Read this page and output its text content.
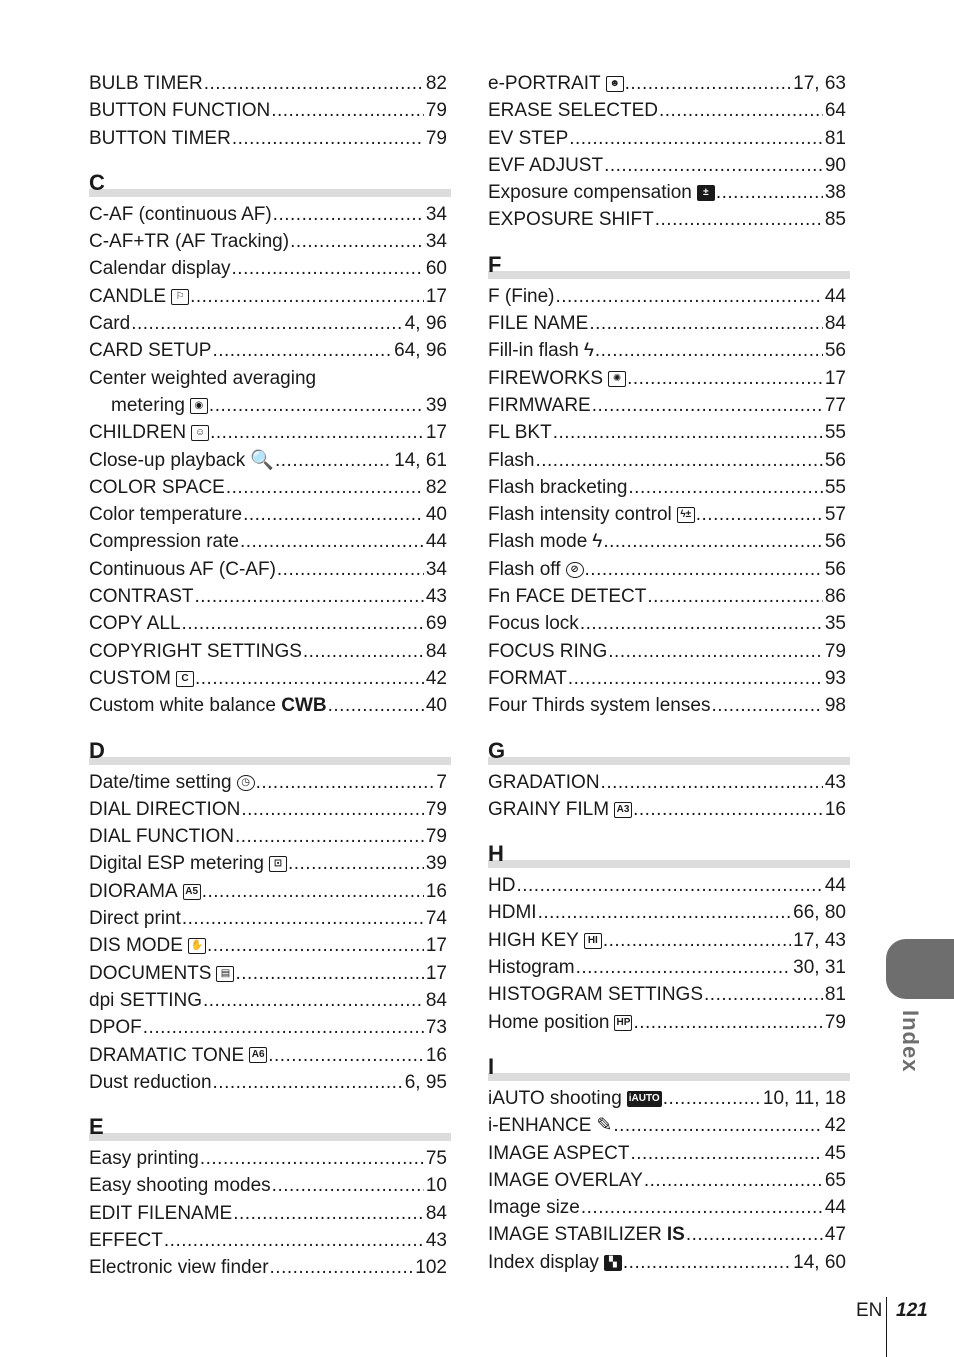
BULB TIMER .....	82
BUTTON FUNCTION .....	79
BUTTON TIMER .....	79
C
C-AF (continuous AF) .....	34
C-AF+TR (AF Tracking) .....	34
Calendar display .....	60
CANDLE ⚐ .....	17
Card .....	4, 96
CARD SETUP .....	64, 96
Center weighted averaging
metering ◉ .....	39
CHILDREN ☺ .....	17
Close-up playback 🔍 .....	14, 61
COLOR SPACE .....	82
Color temperature .....	40
Compression rate .....	44
Continuous AF (C-AF) .....	34
CONTRAST .....	43
COPY ALL .....	69
COPYRIGHT SETTINGS .....	84
CUSTOM	C .....	42
Custom white balance CWB .....	40
D
Date/time setting ◷ .....	7
DIAL DIRECTION .....	79
DIAL FUNCTION .....	79
Digital ESP metering ⊡ .....	39
DIORAMA A5 .....	16
Direct print .....	74
DIS MODE ✋ .....	17
DOCUMENTS ▤ .....	17
dpi SETTING .....	84
DPOF .....	73
DRAMATIC TONE A6 .....	16
Dust reduction .....	6, 95
E
Easy printing .....	75
Easy shooting modes .....	10
EDIT FILENAME .....	84
EFFECT .....	43
Electronic view finder .....	102
e-PORTRAIT ☻ .....	17, 63
ERASE SELECTED .....	64
EV STEP .....	81
EVF ADJUST .....	90
Exposure compensation	± .....	38
EXPOSURE SHIFT .....	85
F
F (Fine) .....	44
FILE NAME .....	84
Fill-in flash ϟ .....	56
FIREWORKS ✺ .....	17
FIRMWARE .....	77
FL BKT .....	55
Flash .....	56
Flash bracketing .....	55
Flash intensity control ϟ± .....	57
Flash mode ϟ .....	56
Flash off ⊘ .....	56
Fn FACE DETECT .....	86
Focus lock .....	35
FOCUS RING .....	79
FORMAT .....	93
Four Thirds system lenses .....	98
G
GRADATION .....	43
GRAINY FILM A3 .....	16
H
HD .....	44
HDMI .....	66, 80
HIGH KEY HI .....	17, 43
Histogram .....	30, 31
HISTOGRAM SETTINGS .....	81
Home position HP .....	79
I
iAUTO shooting iAUTO .....	10, 11, 18
i-ENHANCE ✎ .....	42
IMAGE ASPECT .....	45
IMAGE OVERLAY .....	65
Image size .....	44
IMAGE STABILIZER IS .....	47
Index display	▚ .....	14, 60
Index
EN 121
